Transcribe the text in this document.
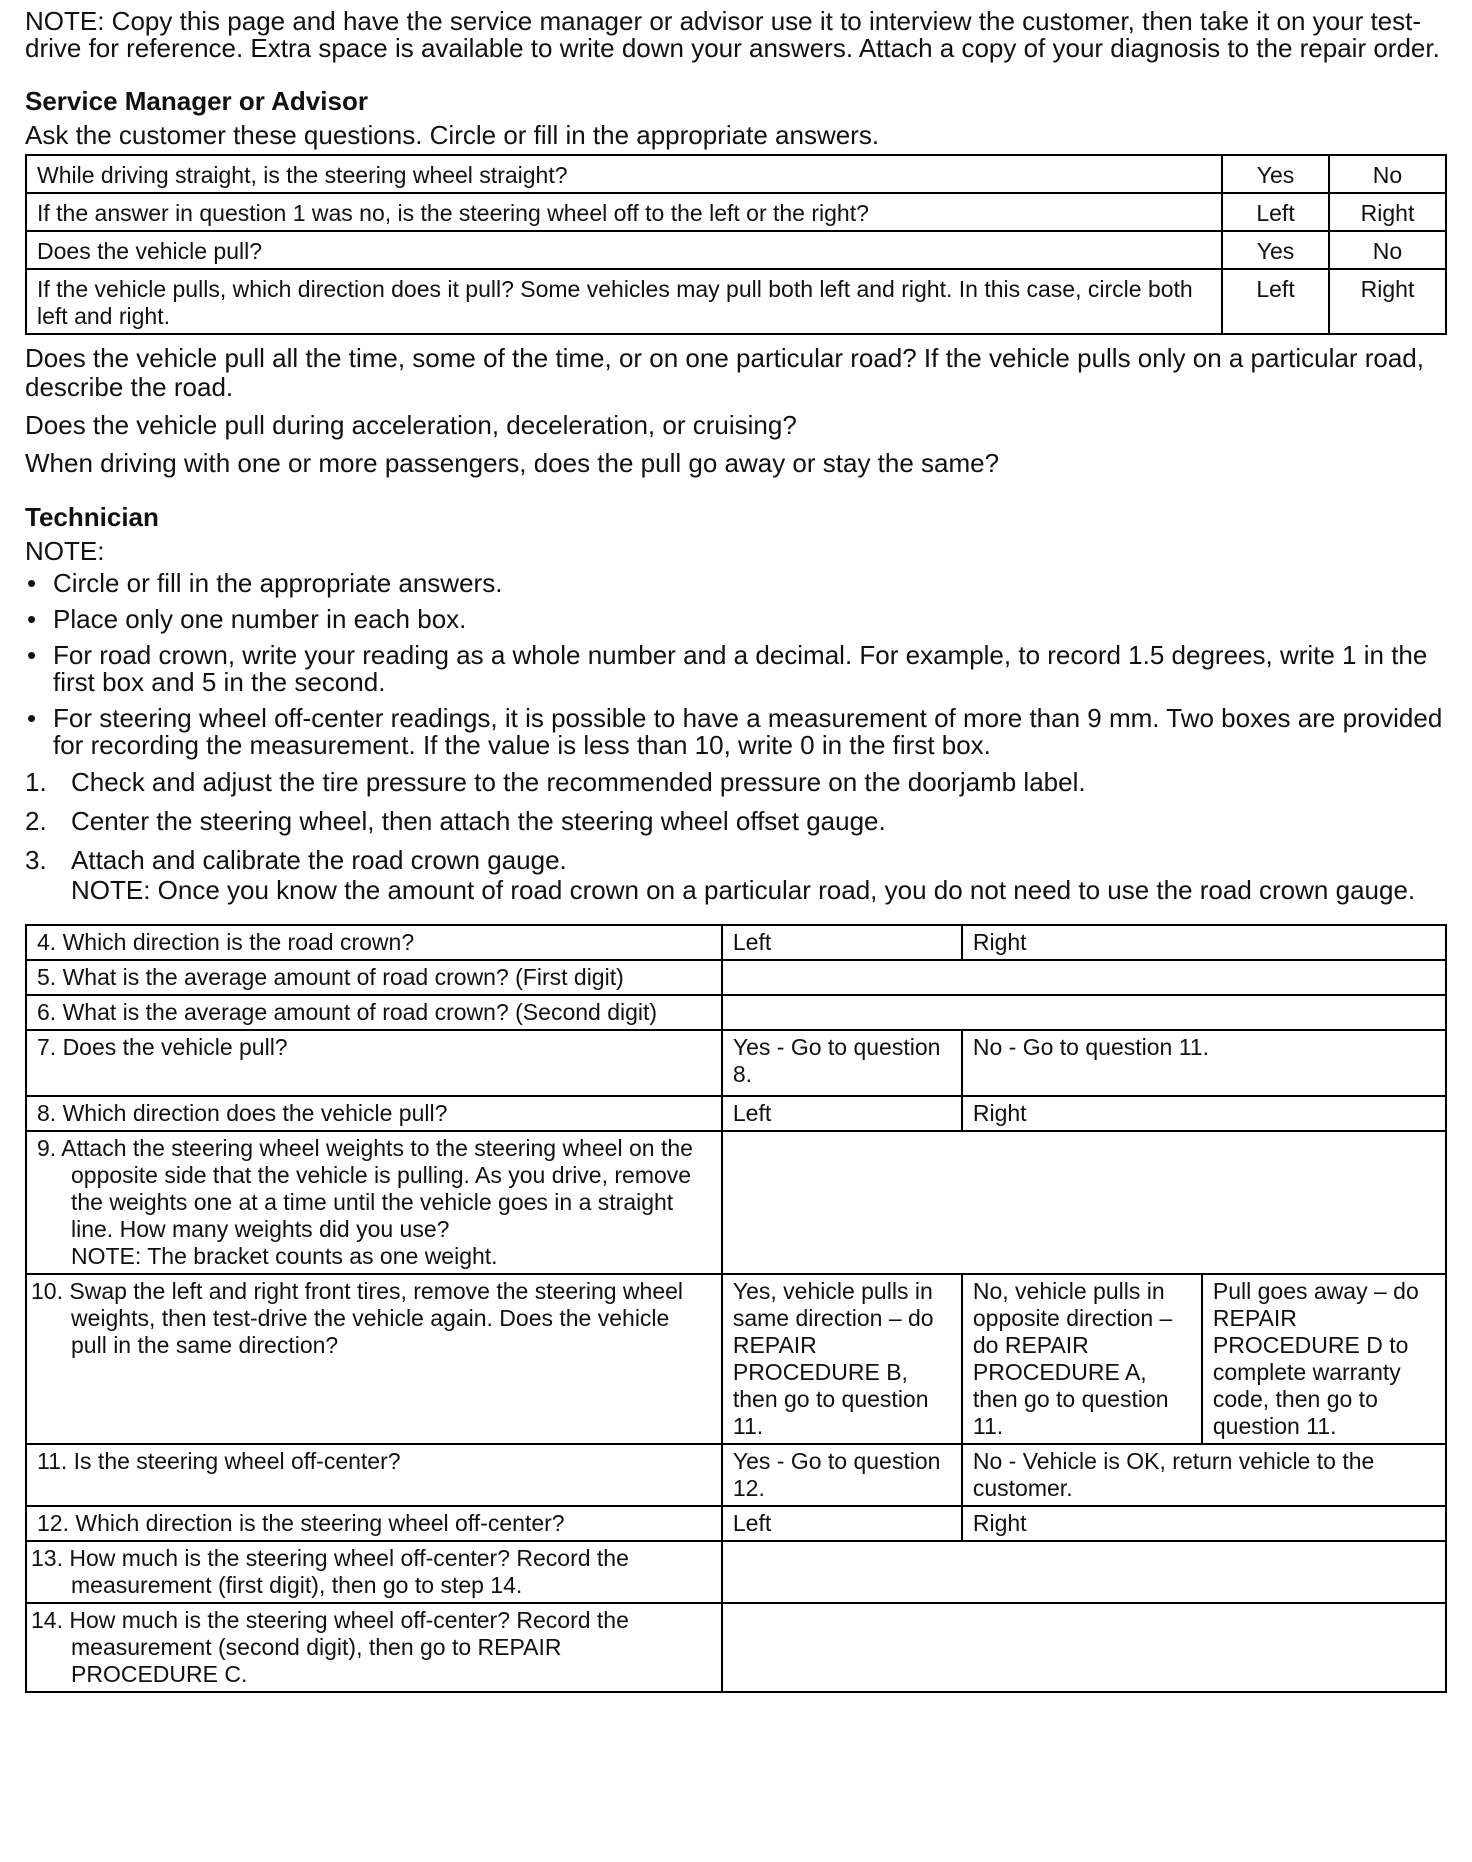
NOTE: Copy this page and have the service manager or advisor use it to interview the customer, then take it on your test-drive for reference. Extra space is available to write down your answers. Attach a copy of your diagnosis to the repair order.

Service Manager or Advisor

Ask the customer these questions. Circle or fill in the appropriate answers.

While driving straight, is the steering wheel straight?	Yes	No
If the answer in question 1 was no, is the steering wheel off to the left or the right?	Left	Right
Does the vehicle pull?	Yes	No
If the vehicle pulls, which direction does it pull? Some vehicles may pull both left and right. In this case, circle both left and right.	Left	Right

Does the vehicle pull all the time, some of the time, or on one particular road? If the vehicle pulls only on a particular road, describe the road.

Does the vehicle pull during acceleration, deceleration, or cruising?

When driving with one or more passengers, does the pull go away or stay the same?

Technician

NOTE:

• Circle or fill in the appropriate answers.
• Place only one number in each box.
• For road crown, write your reading as a whole number and a decimal. For example, to record 1.5 degrees, write 1 in the first box and 5 in the second.
• For steering wheel off-center readings, it is possible to have a measurement of more than 9 mm. Two boxes are provided for recording the measurement. If the value is less than 10, write 0 in the first box.
1. Check and adjust the tire pressure to the recommended pressure on the doorjamb label.
2. Center the steering wheel, then attach the steering wheel offset gauge.
3. Attach and calibrate the road crown gauge.

NOTE: Once you know the amount of road crown on a particular road, you do not need to use the road crown gauge.

4. Which direction is the road crown?	Left	Right	
5. What is the average amount of road crown? (First digit)			
6. What is the average amount of road crown? (Second digit)			
7. Does the vehicle pull?	Yes - Go to question 8.	No - Go to question 11.	
8. Which direction does the vehicle pull?	Left	Right	
9. Attach the steering wheel weights to the steering wheel on the opposite side that the vehicle is pulling. As you drive, remove the weights one at a time until the vehicle goes in a straight line. How many weights did you use?
NOTE: The bracket counts as one weight.			
10. Swap the left and right front tires, remove the steering wheel weights, then test-drive the vehicle again. Does the vehicle pull in the same direction?	Yes, vehicle pulls in same direction – do REPAIR PROCEDURE B, then go to question 11.	No, vehicle pulls in opposite direction –do REPAIR PROCEDURE A, then go to question 11.	Pull goes away – do REPAIR PROCEDURE D to complete warranty code, then go to question 11.
11. Is the steering wheel off-center?	Yes - Go to question 12.	No - Vehicle is OK, return vehicle to the customer.	
12. Which direction is the steering wheel off-center?	Left	Right	
13. How much is the steering wheel off-center? Record the measurement (first digit), then go to step 14.			
14. How much is the steering wheel off-center? Record the measurement (second digit), then go to REPAIR PROCEDURE C.			
